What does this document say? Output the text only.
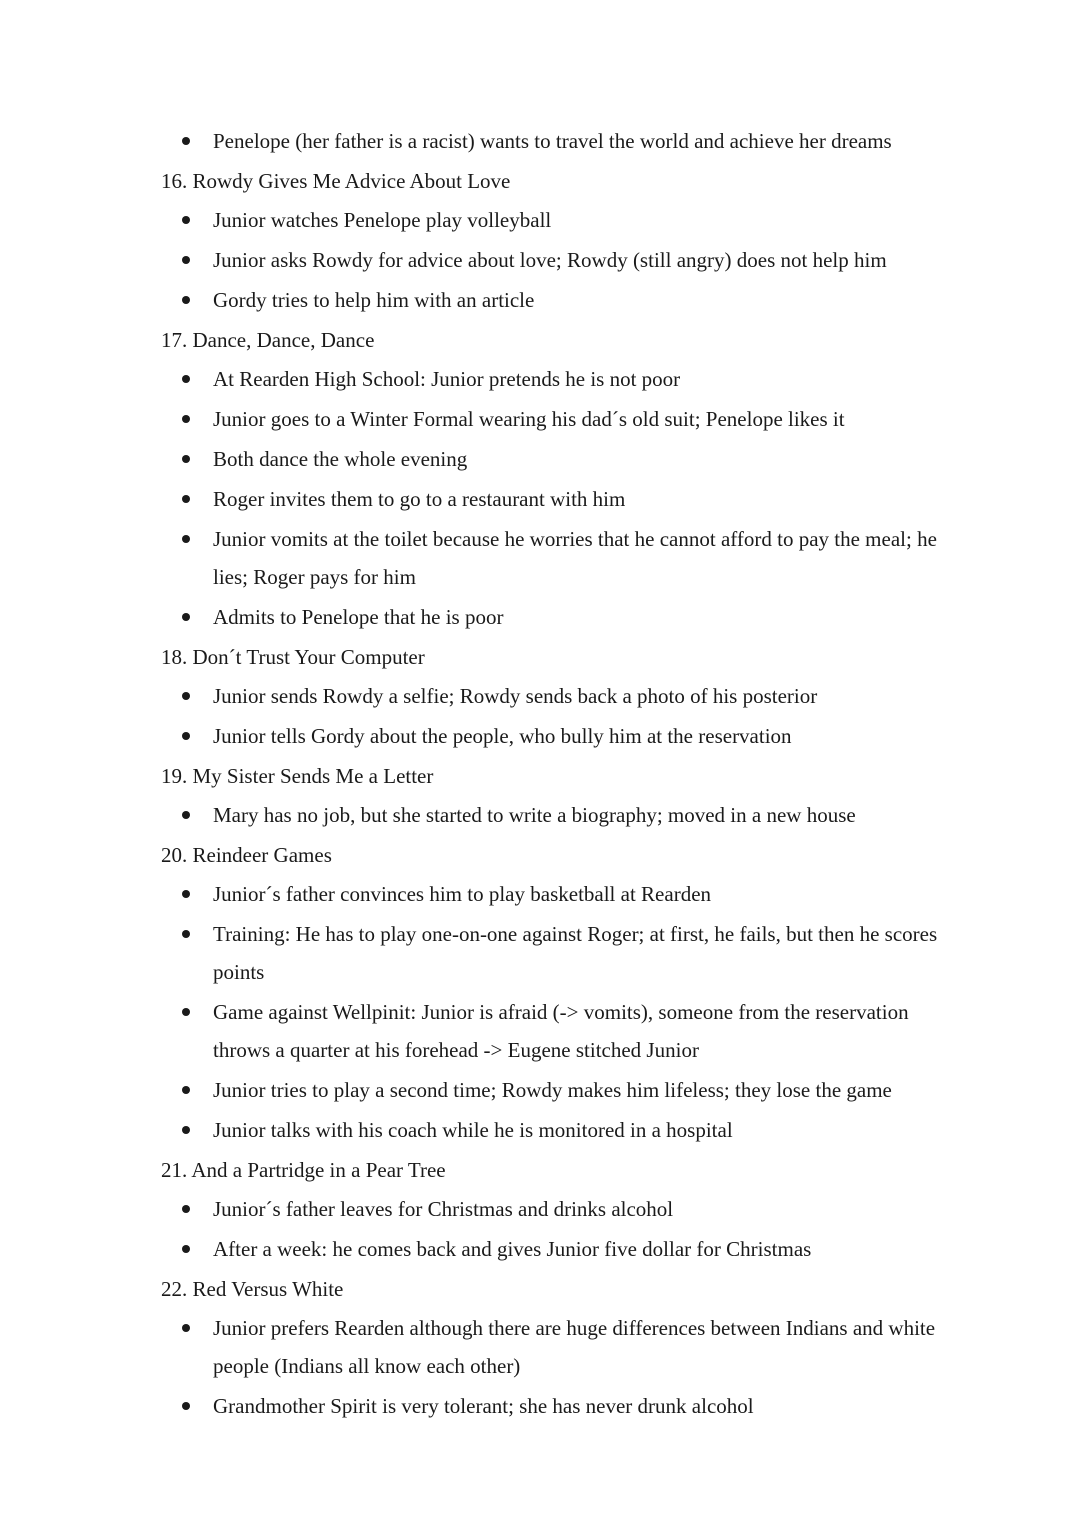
Penelope (her father is a racist) wants to travel the world and achieve her dreams
16. Rowdy Gives Me Advice About Love
Junior watches Penelope play volleyball
Junior asks Rowdy for advice about love; Rowdy (still angry) does not help him
Gordy tries to help him with an article
17. Dance, Dance, Dance
At Rearden High School: Junior pretends he is not poor
Junior goes to a Winter Formal wearing his dad´s old suit; Penelope likes it
Both dance the whole evening
Roger invites them to go to a restaurant with him
Junior vomits at the toilet because he worries that he cannot afford to pay the meal; he lies; Roger pays for him
Admits to Penelope that he is poor
18. Don´t Trust Your Computer
Junior sends Rowdy a selfie; Rowdy sends back a photo of his posterior
Junior tells Gordy about the people, who bully him at the reservation
19. My Sister Sends Me a Letter
Mary has no job, but she started to write a biography; moved in a new house
20. Reindeer Games
Junior´s father convinces him to play basketball at Rearden
Training: He has to play one-on-one against Roger; at first, he fails, but then he scores points
Game against Wellpinit: Junior is afraid (-> vomits), someone from the reservation throws a quarter at his forehead -> Eugene stitched Junior
Junior tries to play a second time; Rowdy makes him lifeless; they lose the game
Junior talks with his coach while he is monitored in a hospital
21. And a Partridge in a Pear Tree
Junior´s father leaves for Christmas and drinks alcohol
After a week: he comes back and gives Junior five dollar for Christmas
22. Red Versus White
Junior prefers Rearden although there are huge differences between Indians and white people (Indians all know each other)
Grandmother Spirit is very tolerant; she has never drunk alcohol
